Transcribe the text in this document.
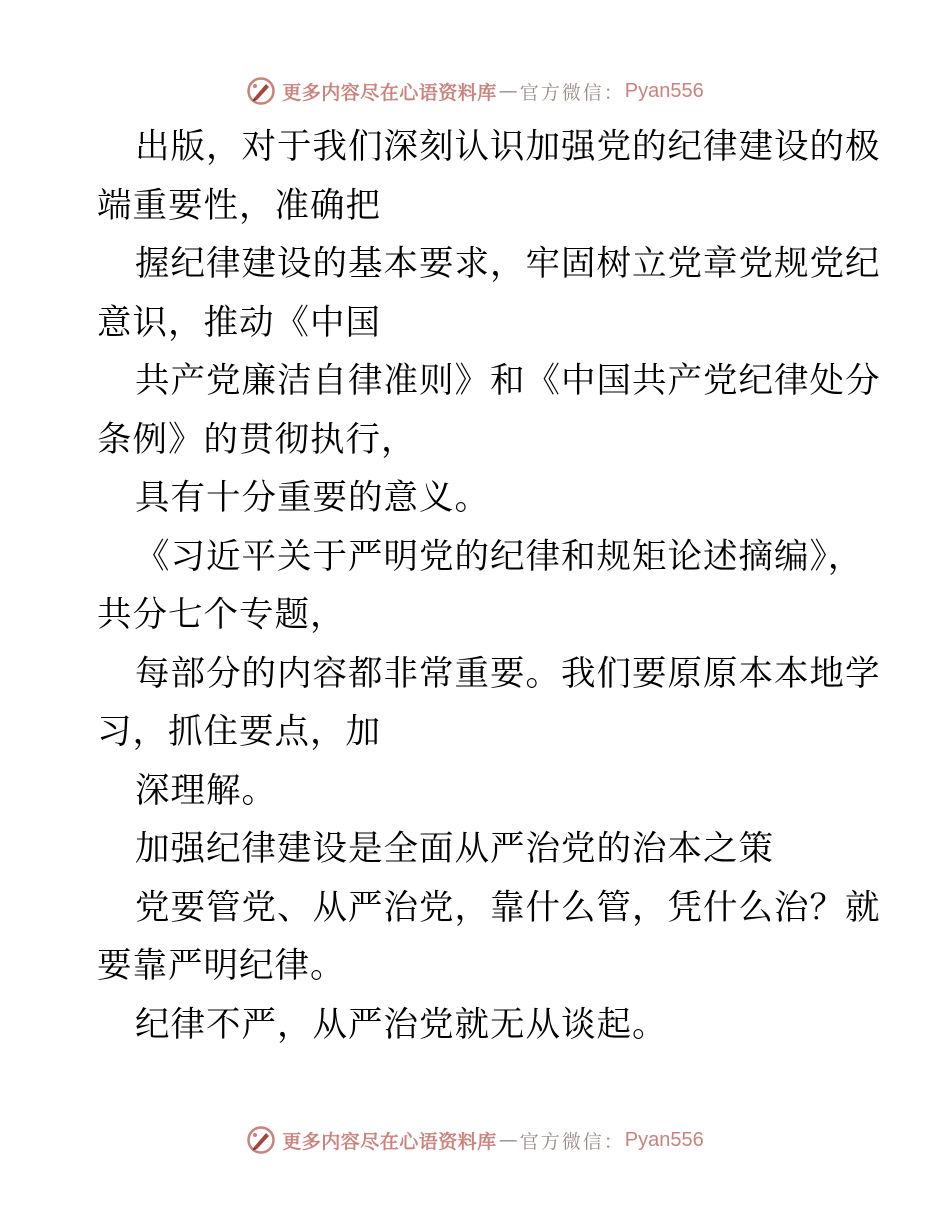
更多内容尽在心语资料库 — 官方微信： Pyan556

出版，对于我们深刻认识加强党的纪律建设的极
端重要性，准确把

握纪律建设的基本要求，牢固树立党章党规党纪
意识，推动《中国

共产党廉洁自律准则》和《中国共产党纪律处分
条例》的贯彻执行，

具有十分重要的意义。

《习近平关于严明党的纪律和规矩论述摘编》，
共分七个专题，

每部分的内容都非常重要。我们要原原本本地学
习，抓住要点，加

深理解。

加强纪律建设是全面从严治党的治本之策

党要管党、从严治党，靠什么管，凭什么治？就
要靠严明纪律。

纪律不严，从严治党就无从谈起。

更多内容尽在心语资料库 — 官方微信： Pyan556
